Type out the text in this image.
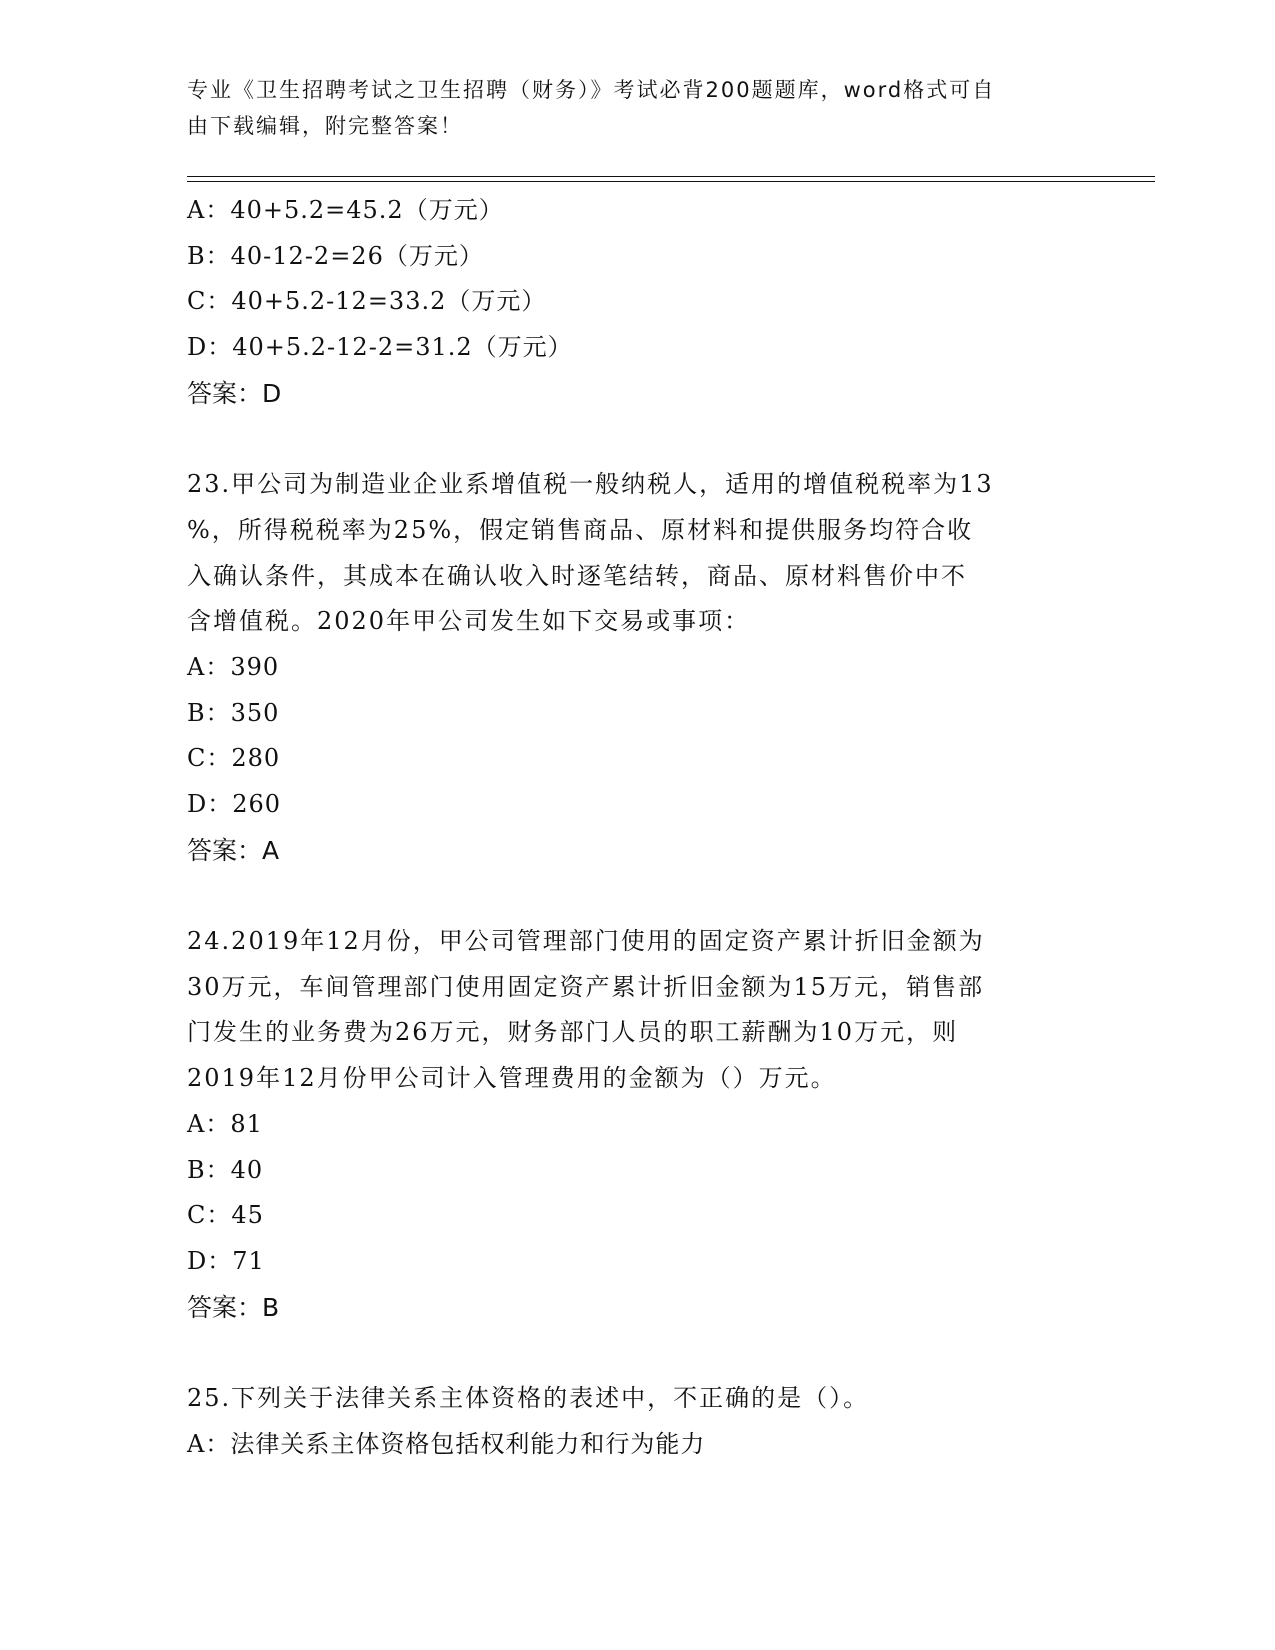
专业《卫生招聘考试之卫生招聘（财务）》考试必背200题题库，word格式可自
由下载编辑，附完整答案！
A：40+5.2=45.2（万元）
B：40-12-2=26（万元）
C：40+5.2-12=33.2（万元）
D：40+5.2-12-2=31.2（万元）
答案：D
23.甲公司为制造业企业系增值税一般纳税人，适用的增值税税率为13
%，所得税税率为25%，假定销售商品、原材料和提供服务均符合收
入确认条件，其成本在确认收入时逐笔结转，商品、原材料售价中不
含增值税。2020年甲公司发生如下交易或事项：
A：390
B：350
C：280
D：260
答案：A
24.2019年12月份，甲公司管理部门使用的固定资产累计折旧金额为
30万元，车间管理部门使用固定资产累计折旧金额为15万元，销售部
门发生的业务费为26万元，财务部门人员的职工薪酬为10万元，则
2019年12月份甲公司计入管理费用的金额为（）万元。
A：81
B：40
C：45
D：71
答案：B
25.下列关于法律关系主体资格的表述中，不正确的是（）。
A：法律关系主体资格包括权利能力和行为能力
